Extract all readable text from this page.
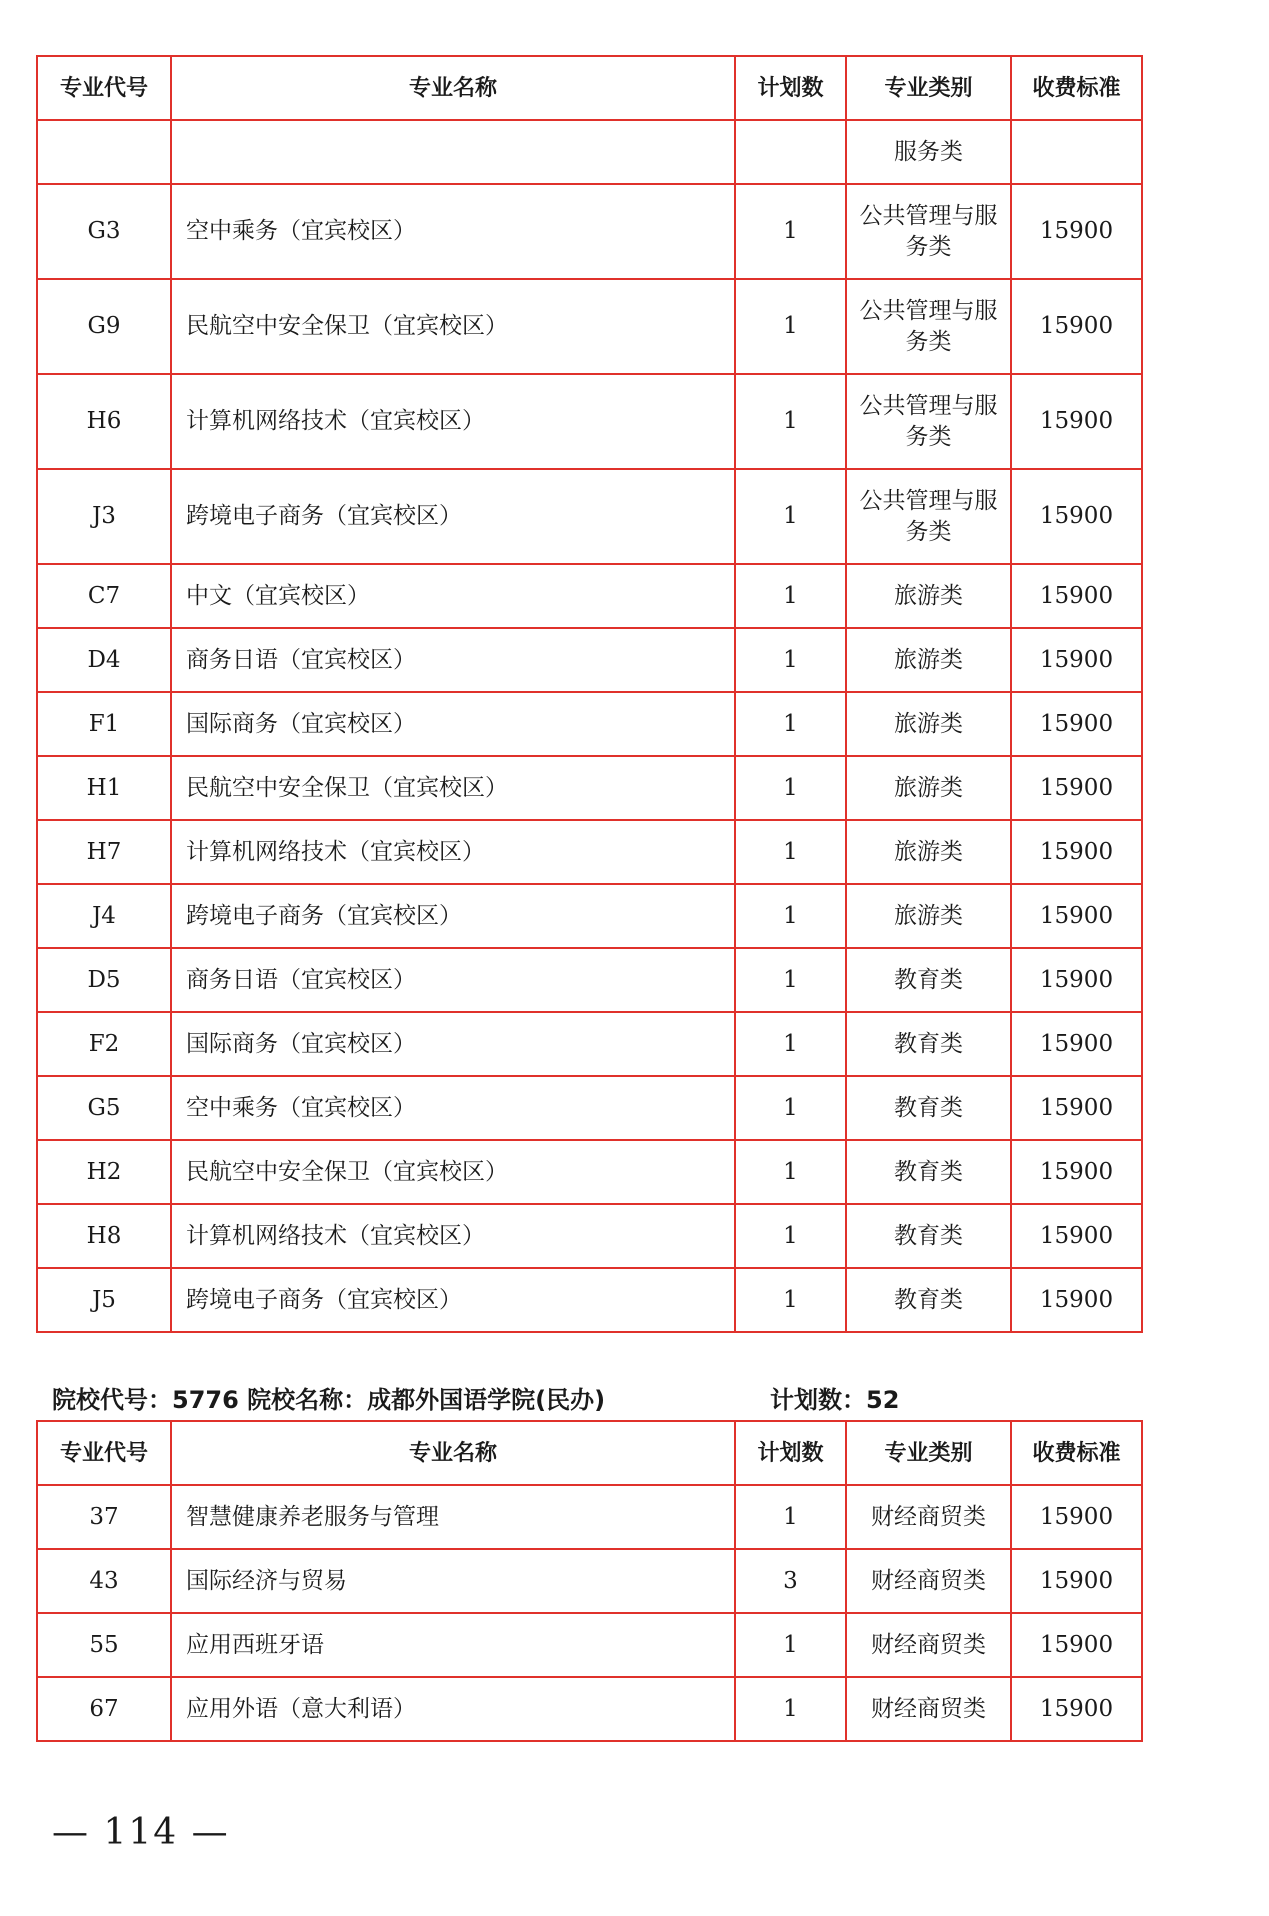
专业代号	专业名称	计划数	专业类别	收费标准
			服务类	
G3	空中乘务（宜宾校区）	1	公共管理与服务类	15900
G9	民航空中安全保卫（宜宾校区）	1	公共管理与服务类	15900
H6	计算机网络技术（宜宾校区）	1	公共管理与服务类	15900
J3	跨境电子商务（宜宾校区）	1	公共管理与服务类	15900
C7	中文（宜宾校区）	1	旅游类	15900
D4	商务日语（宜宾校区）	1	旅游类	15900
F1	国际商务（宜宾校区）	1	旅游类	15900
H1	民航空中安全保卫（宜宾校区）	1	旅游类	15900
H7	计算机网络技术（宜宾校区）	1	旅游类	15900
J4	跨境电子商务（宜宾校区）	1	旅游类	15900
D5	商务日语（宜宾校区）	1	教育类	15900
F2	国际商务（宜宾校区）	1	教育类	15900
G5	空中乘务（宜宾校区）	1	教育类	15900
H2	民航空中安全保卫（宜宾校区）	1	教育类	15900
H8	计算机网络技术（宜宾校区）	1	教育类	15900
J5	跨境电子商务（宜宾校区）	1	教育类	15900
院校代号：5776 院校名称：成都外国语学院(民办)	计划数：52
专业代号	专业名称	计划数	专业类别	收费标准
37	智慧健康养老服务与管理	1	财经商贸类	15900
43	国际经济与贸易	3	财经商贸类	15900
55	应用西班牙语	1	财经商贸类	15900
67	应用外语（意大利语）	1	财经商贸类	15900
— 114 —
